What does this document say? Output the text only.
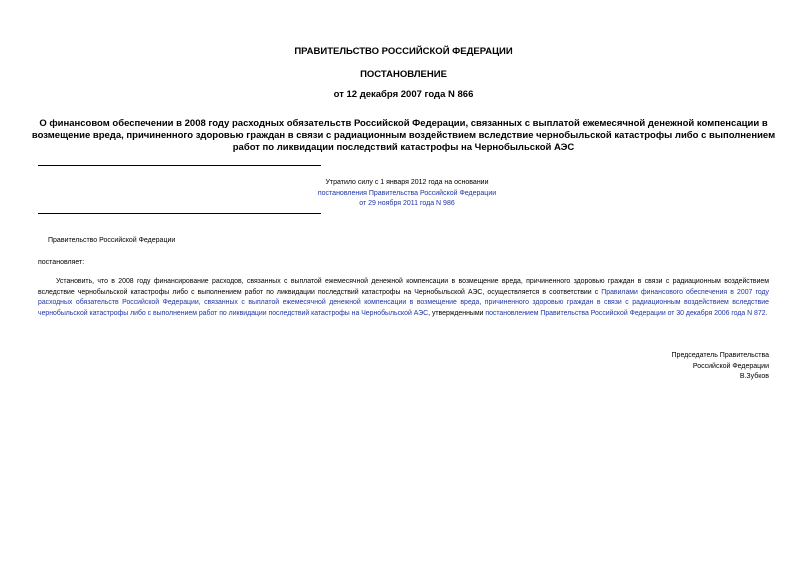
ПРАВИТЕЛЬСТВО РОССИЙСКОЙ ФЕДЕРАЦИИ
ПОСТАНОВЛЕНИЕ
от 12 декабря 2007 года N 866
О финансовом обеспечении в 2008 году расходных обязательств Российской Федерации, связанных с выплатой ежемесячной денежной компенсации в возмещение вреда, причиненного здоровью граждан в связи с радиационным воздействием вследствие чернобыльской катастрофы либо с выполнением работ по ликвидации последствий катастрофы на Чернобыльской АЭС
Утратило силу с 1 января 2012 года на основании
постановления Правительства Российской Федерации
от 29 ноября 2011 года N 986
Правительство Российской Федерации
постановляет:
Установить, что в 2008 году финансирование расходов, связанных с выплатой ежемесячной денежной компенсации в возмещение вреда, причиненного здоровью граждан в связи с радиационным воздействием вследствие чернобыльской катастрофы либо с выполнением работ по ликвидации последствий катастрофы на Чернобыльской АЭС, осуществляется в соответствии с Правилами финансового обеспечения в 2007 году расходных обязательств Российской Федерации, связанных с выплатой ежемесячной денежной компенсации в возмещение вреда, причиненного здоровью граждан в связи с радиационным воздействием вследствие чернобыльской катастрофы либо с выполнением работ по ликвидации последствий катастрофы на Чернобыльской АЭС, утвержденными постановлением Правительства Российской Федерации от 30 декабря 2006 года N 872.
Председатель Правительства
Российской Федерации
В.Зубков
